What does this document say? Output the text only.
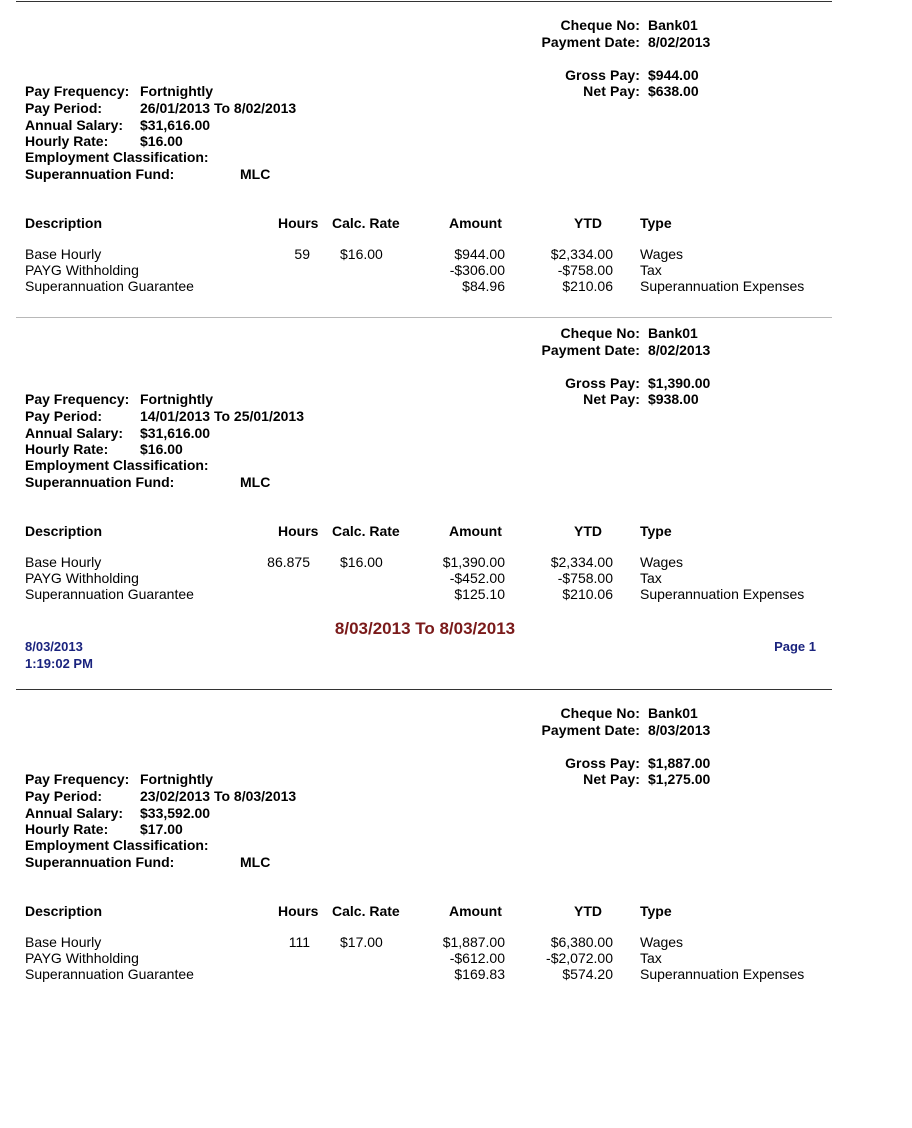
8/03/2013 To 8/03/2013
8/03/2013
1:19:02 PM
Page 1
Cheque No: Bank01
Payment Date: 8/02/2013
Gross Pay: $944.00
Net Pay: $638.00
Pay Frequency: Fortnightly
Pay Period:	26/01/2013 To 8/02/2013
Annual Salary: $31,616.00
Hourly Rate: $16.00
Employment Classification:
Superannuation Fund:	MLC
Description	Hours Calc. Rate	Amount	YTD	Type
Base Hourly	59 $16.00	$944.00	$2,334.00 Wages
PAYG Withholding	-$306.00	-$758.00 Tax
Superannuation Guarantee	$84.96	$210.06 Superannuation Expenses
Cheque No: Bank01
Payment Date: 8/02/2013
Gross Pay: $1,390.00
Net Pay: $938.00
Pay Frequency: Fortnightly
Pay Period:	14/01/2013 To 25/01/2013
Annual Salary: $31,616.00
Hourly Rate: $16.00
Employment Classification:
Superannuation Fund:	MLC
Description	Hours Calc. Rate	Amount	YTD	Type
Base Hourly	86.875 $16.00	$1,390.00	$2,334.00 Wages
PAYG Withholding	-$452.00	-$758.00 Tax
Superannuation Guarantee	$125.10	$210.06 Superannuation Expenses
Cheque No: Bank01
Payment Date: 8/03/2013
Gross Pay: $1,887.00
Net Pay: $1,275.00
Pay Frequency: Fortnightly
Pay Period:	23/02/2013 To 8/03/2013
Annual Salary: $33,592.00
Hourly Rate: $17.00
Employment Classification:
Superannuation Fund:	MLC
Description	Hours Calc. Rate	Amount	YTD	Type
Base Hourly	111 $17.00	$1,887.00	$6,380.00 Wages
PAYG Withholding	-$612.00	-$2,072.00 Tax
Superannuation Guarantee	$169.83	$574.20 Superannuation Expenses
